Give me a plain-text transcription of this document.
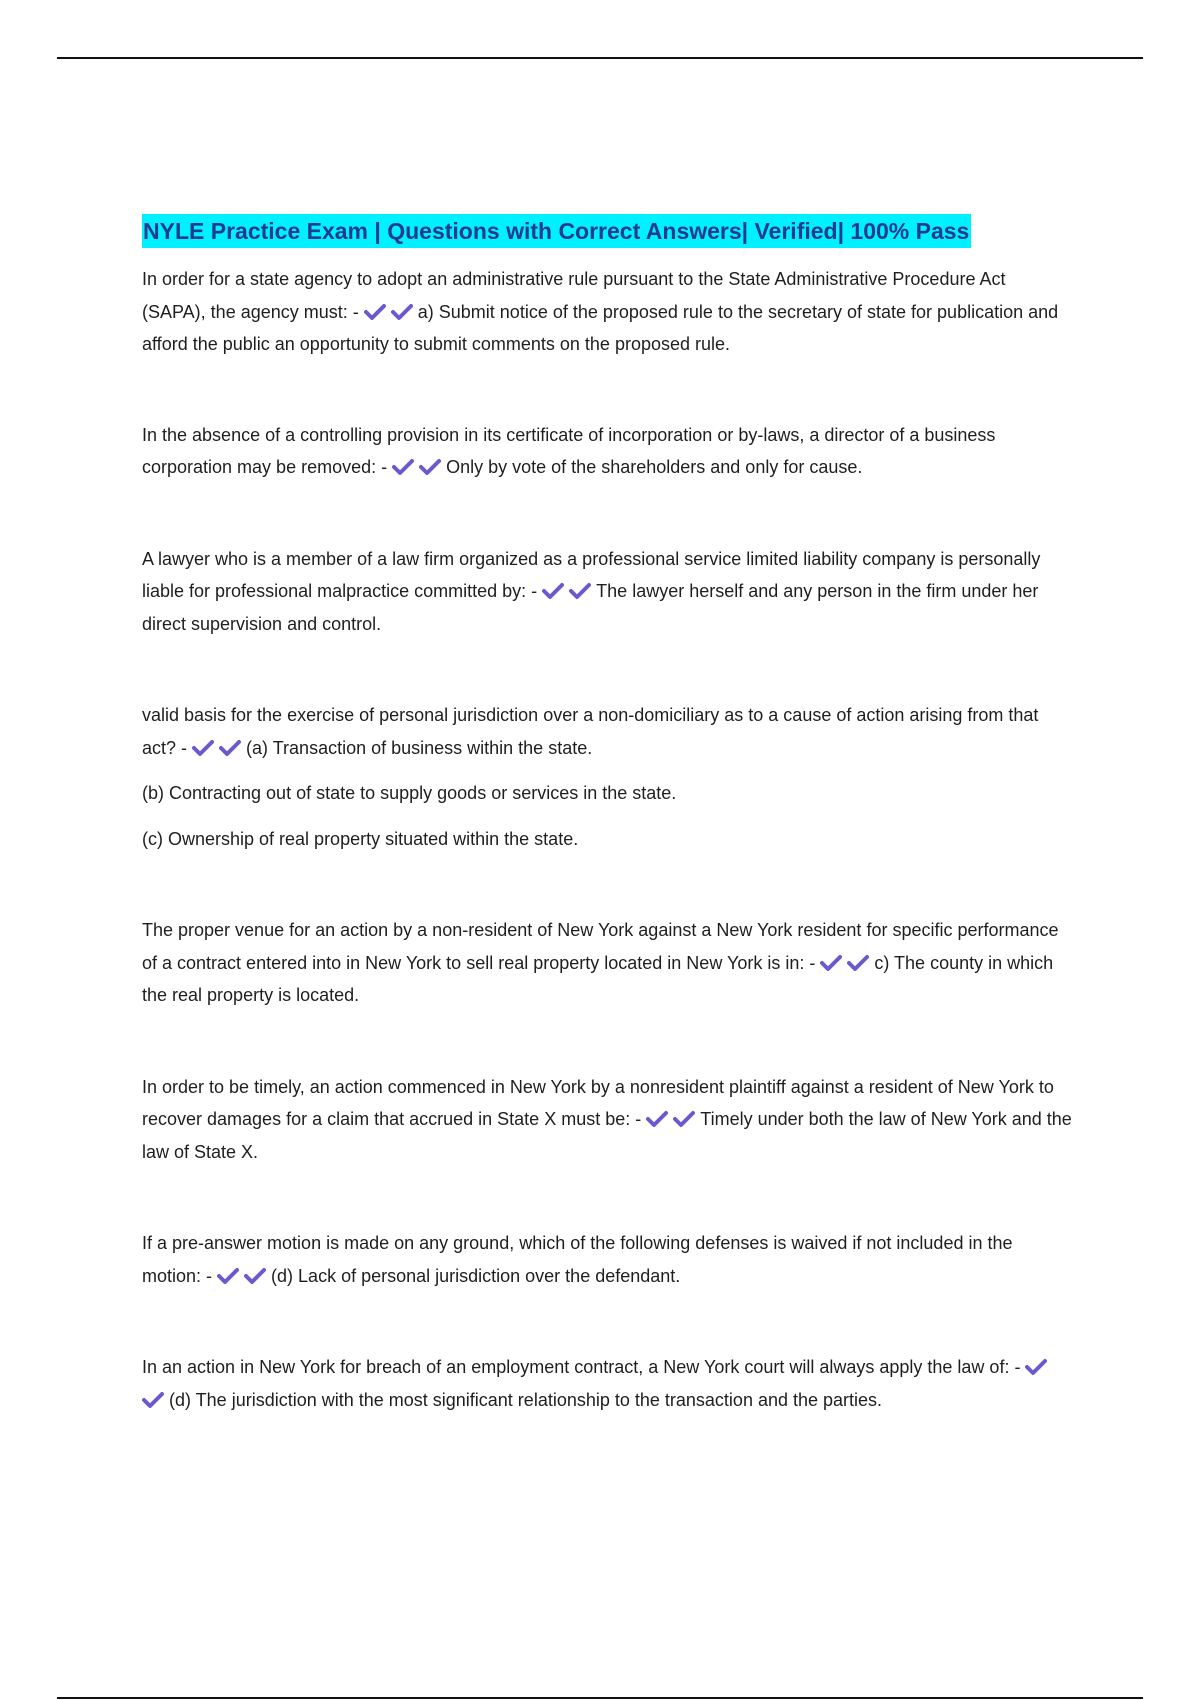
NYLE Practice Exam | Questions with Correct Answers| Verified| 100% Pass

In order for a state agency to adopt an administrative rule pursuant to the State Administrative Procedure Act (SAPA), the agency must: -	a) Submit notice of the proposed rule to the secretary of state for publication and afford the public an opportunity to submit comments on the proposed rule.

In the absence of a controlling provision in its certificate of incorporation or by-laws, a director of a business corporation may be removed: -	Only by vote of the shareholders and only for cause.

A lawyer who is a member of a law firm organized as a professional service limited liability company is personally liable for professional malpractice committed by: -	The lawyer herself and any person in the firm under her direct supervision and control.

valid basis for the exercise of personal jurisdiction over a non-domiciliary as to a cause of action arising from that act? -	(a) Transaction of business within the state.

(b) Contracting out of state to supply goods or services in the state.

(c) Ownership of real property situated within the state.

The proper venue for an action by a non-resident of New York against a New York resident for specific performance of a contract entered into in New York to sell real property located in New York is in: -	c) The county in which the real property is located.

In order to be timely, an action commenced in New York by a nonresident plaintiff against a resident of New York to recover damages for a claim that accrued in State X must be: -	Timely under both the law of New York and the law of State X.

If a pre-answer motion is made on any ground, which of the following defenses is waived if not included in the motion: -	(d) Lack of personal jurisdiction over the defendant.

In an action in New York for breach of an employment contract, a New York court will always apply the law of: - (d) The jurisdiction with the most significant relationship to the transaction and the parties.
